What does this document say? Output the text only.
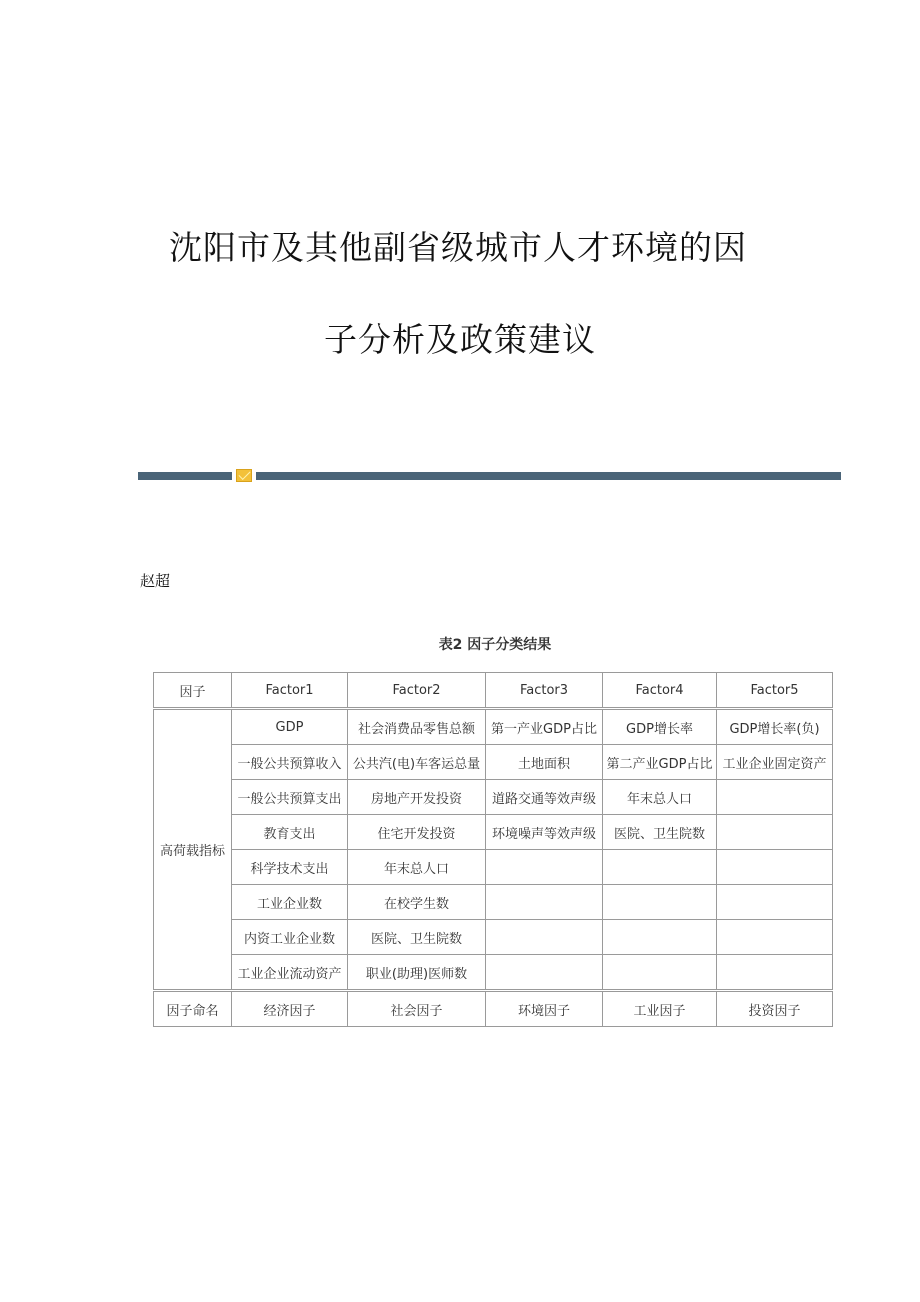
沈阳市及其他副省级城市人才环境的因
子分析及政策建议
赵超
表2 因子分类结果
因子	Factor1	Factor2	Factor3	Factor4	Factor5
高荷载指标	GDP	社会消费品零售总额	第一产业GDP占比	GDP增长率	GDP增长率(负)
	一般公共预算收入	公共汽(电)车客运总量	土地面积	第二产业GDP占比	工业企业固定资产
	一般公共预算支出	房地产开发投资	道路交通等效声级	年末总人口	
	教育支出	住宅开发投资	环境噪声等效声级	医院、卫生院数	
	科学技术支出	年末总人口			
	工业企业数	在校学生数			
	内资工业企业数	医院、卫生院数			
	工业企业流动资产	职业(助理)医师数			
因子命名	经济因子	社会因子	环境因子	工业因子	投资因子
